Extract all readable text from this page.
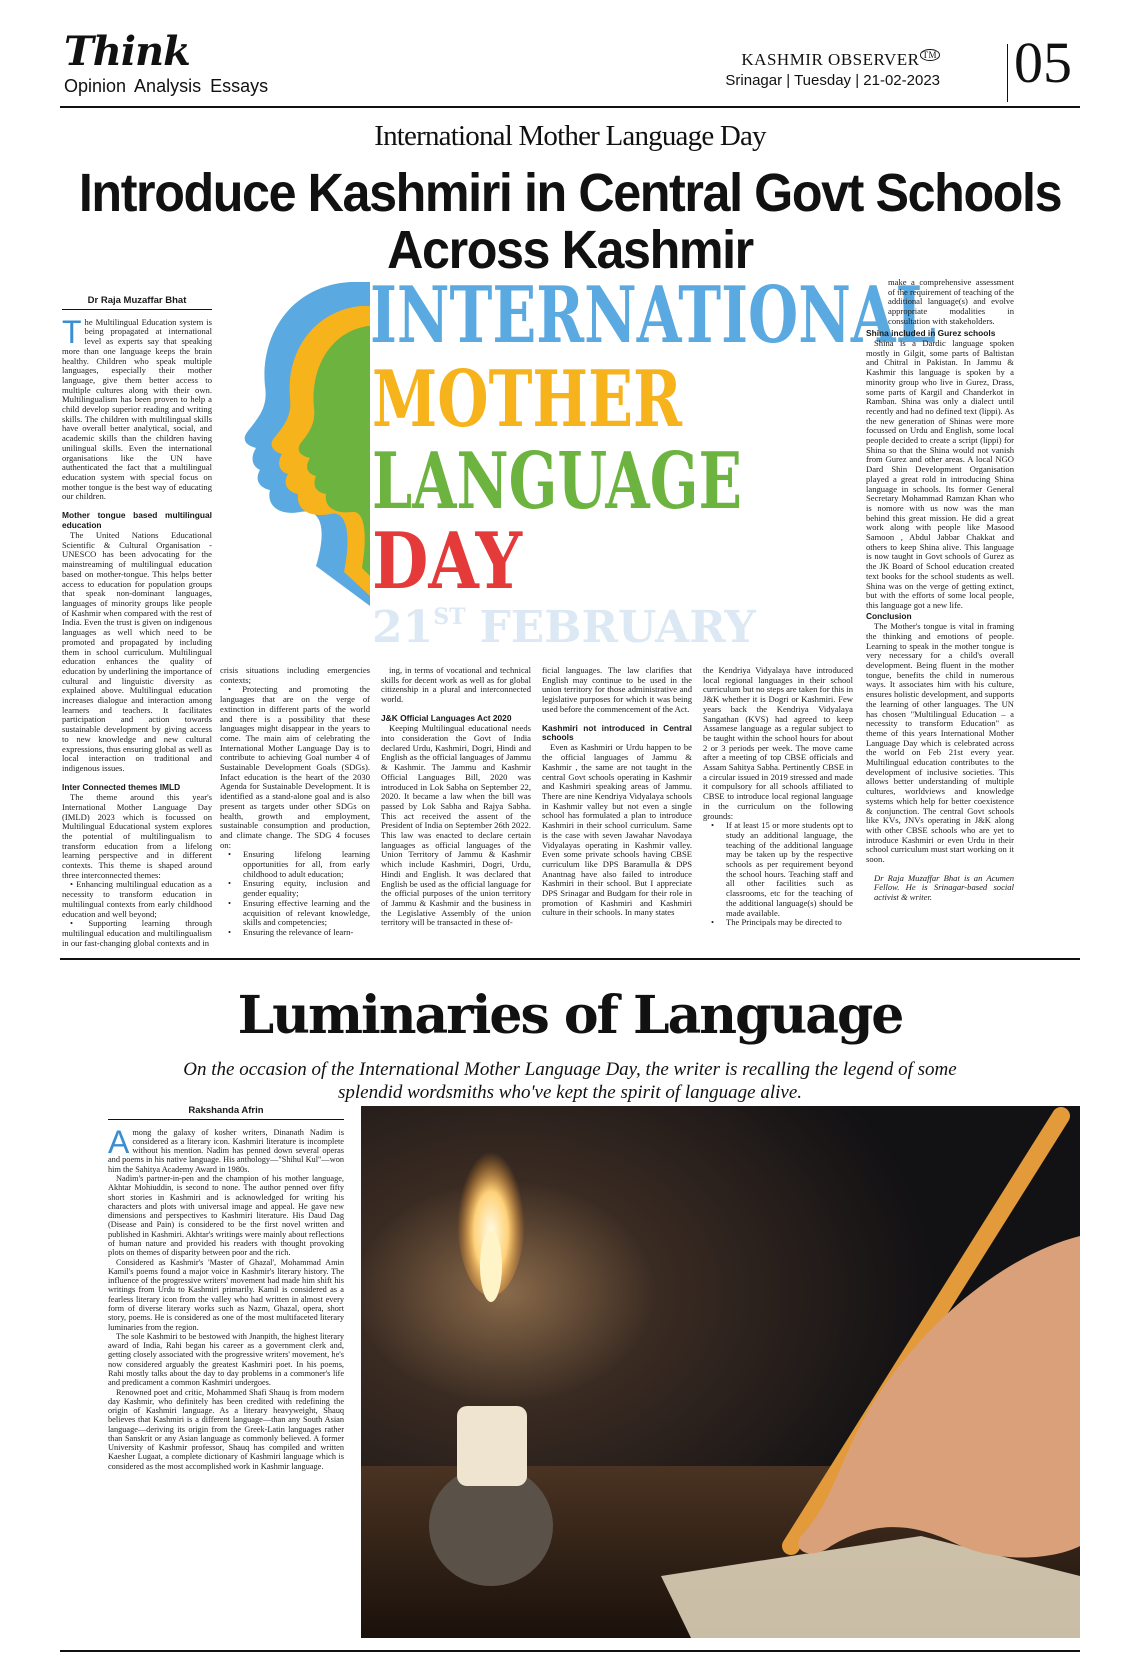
Think
Opinion Analysis Essays
KASHMIR OBSERVER ™
Srinagar | Tuesday | 21-02-2023 05
International Mother Language Day
Introduce Kashmiri in Central Govt Schools Across Kashmir
Dr Raja Muzaffar Bhat

The Multilingual Education system is being propagated at international level as experts say that speaking more than one language keeps the brain healthy. Children who speak multiple languages, especially their mother language, give them better access to multiple cultures along with their own. Multilingualism has been proven to help a child develop superior reading and writing skills. The children with multilingual skills have overall better analytical, social, and academic skills than the children having unilingual skills. Even the international organisations like the UN have authenticated the fact that a multilingual education system with special focus on mother tongue is the best way of educating our children.

Mother tongue based multilingual education

The United Nations Educational Scientific & Cultural Organisation -UNESCO has been advocating for the mainstreaming of multilingual education based on mother-tongue. This helps better access to education for population groups that speak non-dominant languages, languages of minority groups like people of Kashmir when compared with the rest of India. Even the trust is given on indigenous languages as well which need to be promoted and propagated by including them in school curriculum. Multilingual education enhances the quality of education by underlining the importance of cultural and linguistic diversity as explained above. Multilingual education increases dialogue and interaction among learners and teachers. It facilitates participation and action towards sustainable development by giving access to new knowledge and new cultural expressions, thus ensuring global as well as local interaction on traditional and indigenous issues.

Inter Connected themes IMLD

The theme around this year's International Mother Language Day (IMLD) 2023 which is focussed on Multilingual Educational system explores the potential of multilingualism to transform education from a lifelong learning perspective and in different contexts. This theme is shaped around three interconnected themes:

• Enhancing multilingual education as a necessity to transform education in multilingual contexts from early childhood education and well beyond;

• Supporting learning through multilingual education and multilingualism in our fast-changing global contexts and in

INTERNATIONAL
MOTHER
LANGUAGE
DAY
21ST FEBRUARY

crisis situations including emergencies contexts;

• Protecting and promoting the languages that are on the verge of extinction in different parts of the world and there is a possibility that these languages might disappear in the years to come. The main aim of celebrating the International Mother Language Day is to contribute to achieving Goal number 4 of Sustainable Development Goals (SDGs). Infact education is the heart of the 2030 Agenda for Sustainable Development. It is identified as a stand-alone goal and is also present as targets under other SDGs on health, growth and employment, sustainable consumption and production, and climate change. The SDG 4 focuses on:

• Ensuring lifelong learning opportunities for all, from early childhood to adult education;
• Ensuring equity, inclusion and gender equality;
• Ensuring effective learning and the acquisition of relevant knowledge, skills and competencies;
• Ensuring the relevance of learn-

ing, in terms of vocational and technical skills for decent work as well as for global citizenship in a plural and interconnected world.

J&K Official Languages Act 2020

Keeping Multilingual educational needs into consideration the Govt of India declared Urdu, Kashmiri, Dogri, Hindi and English as the official languages of Jammu & Kashmir. The Jammu and Kashmir Official Languages Bill, 2020 was introduced in Lok Sabha on September 22, 2020. It became a law when the bill was passed by Lok Sabha and Rajya Sabha. This act received the assent of the President of India on September 26th 2022. This law was enacted to declare certain languages as official languages of the Union Territory of Jammu & Kashmir which include Kashmiri, Dogri, Urdu, Hindi and English. It was declared that English be used as the official language for the official purposes of the union territory of Jammu & Kashmir and the business in the Legislative Assembly of the union territory will be transacted in these of-

ficial languages. The law clarifies that English may continue to be used in the union territory for those administrative and legislative purposes for which it was being used before the commencement of the Act.

Kashmiri not introduced in Central schools

Even as Kashmiri or Urdu happen to be the official languages of Jammu & Kashmir , the same are not taught in the central Govt schools operating in Kashmir and Kashmiri speaking areas of Jammu. There are nine Kendriya Vidyalaya schools in Kashmir valley but not even a single school has formulated a plan to introduce Kashmiri in their school curriculum. Same is the case with seven Jawahar Navodaya Vidyalayas operating in Kashmir valley. Even some private schools having CBSE curriculum like DPS Baramulla & DPS Anantnag have also failed to introduce Kashmiri in their school. But I appreciate DPS Srinagar and Budgam for their role in promotion of Kashmiri and Kashmiri culture in their schools. In many states

the Kendriya Vidyalaya have introduced local regional languages in their school curriculum but no steps are taken for this in J&K whether it is Dogri or Kashmiri. Few years back the Kendriya Vidyalaya Sangathan (KVS) had agreed to keep Assamese language as a regular subject to be taught within the school hours for about 2 or 3 periods per week. The move came after a meeting of top CBSE officials and Assam Sahitya Sabha. Pertinently CBSE in a circular issued in 2019 stressed and made it compulsory for all schools affiliated to CBSE to introduce local regional language in the curriculum on the following grounds:

• If at least 15 or more students opt to study an additional language, the teaching of the additional language may be taken up by the respective schools as per requirement beyond the school hours. Teaching staff and all other facilities such as classrooms, etc for the teaching of the additional language(s) should be made available.
• The Principals may be directed to

make a comprehensive assessment of the requirement of teaching of the additional language(s) and evolve appropriate modalities in consultation with stakeholders.

Shina included in Gurez schools

Shina is a Dardic language spoken mostly in Gilgit, some parts of Baltistan and Chitral in Pakistan. In Jammu & Kashmir this language is spoken by a minority group who live in Gurez, Drass, some parts of Kargil and Chanderkot in Ramban. Shina was only a dialect until recently and had no defined text (lippi). As the new generation of Shinas were more focussed on Urdu and English, some local people decided to create a script (lippi) for Shina so that the Shina would not vanish from Gurez and other areas. A local NGO Dard Shin Development Organisation played a great rold in introducing Shina language in schools. Its former General Secretary Mohammad Ramzan Khan who is nomore with us now was the man behind this great mission. He did a great work along with people like Masood Samoon , Abdul Jabbar Chakkat and others to keep Shina alive. This language is now taught in Govt schools of Gurez as the JK Board of School education created text books for the school students as well. Shina was on the verge of getting extinct, but with the efforts of some local people, this language got a new life.

Conclusion

The Mother's tongue is vital in framing the thinking and emotions of people. Learning to speak in the mother tongue is very necessary for a child's overall development. Being fluent in the mother tongue, benefits the child in numerous ways. It associates him with his culture, ensures holistic development, and supports the learning of other languages. The UN has chosen "Multilingual Education – a necessity to transform Education" as theme of this years International Mother Language Day which is celebrated across the world on Feb 21st every year. Multilingual education contributes to the development of inclusive societies. This allows better understanding of multiple cultures, worldviews and knowledge systems which help for better coexistence & conjunction. The central Govt schools like KVs, JNVs operating in J&K along with other CBSE schools who are yet to introduce Kashmiri or even Urdu in their school curriculum must start working on it soon.

Dr Raja Muzaffar Bhat is an Acumen Fellow. He is Srinagar-based social activist & writer.

Luminaries of Language
On the occasion of the International Mother Language Day, the writer is recalling the legend of some splendid wordsmiths who've kept the spirit of language alive.
Rakshanda Afrin

Among the galaxy of kosher writers, Dinanath Nadim is considered as a literary icon. Kashmiri literature is incomplete without his mention. Nadim has penned down several operas and poems in his native language. His anthology—"Shihul Kul"—won him the Sahitya Academy Award in 1980s.

Nadim's partner-in-pen and the champion of his mother language, Akhtar Mohiuddin, is second to none. The author penned over fifty short stories in Kashmiri and is acknowledged for writing his characters and plots with universal image and appeal. He gave new dimensions and perspectives to Kashmiri literature. His Daud Dag (Disease and Pain) is considered to be the first novel written and published in Kashmiri. Akhtar's writings were mainly about reflections of human nature and provided his readers with thought provoking plots on themes of disparity between poor and the rich.

Considered as Kashmir's 'Master of Ghazal', Mohammad Amin Kamil's poems found a major voice in Kashmir's literary history. The influence of the progressive writers' movement had made him shift his writings from Urdu to Kashmiri primarily. Kamil is considered as a fearless literary icon from the valley who had written in almost every form of diverse literary works such as Nazm, Ghazal, opera, short story, poems. He is considered as one of the most multifaceted literary luminaries from the region.

The sole Kashmiri to be bestowed with Jnanpith, the highest literary award of India, Rahi began his career as a government clerk and, getting closely associated with the progressive writers' movement, he's now considered arguably the greatest Kashmiri poet. In his poems, Rahi mostly talks about the day to day problems in a commoner's life and predicament a common Kashmiri undergoes.

Renowned poet and critic, Mohammed Shafi Shauq is from modern day Kashmir, who definitely has been credited with redefining the origin of Kashmiri language. As a literary heavyweight, Shauq believes that Kashmiri is a different language—than any South Asian language—deriving its origin from the Greek-Latin languages rather than Sanskrit or any Asian language as commonly believed. A former University of Kashmir professor, Shauq has compiled and written Kaesher Lugaat, a complete dictionary of Kashmiri language which is considered as the most accomplished work in Kashmir language.
